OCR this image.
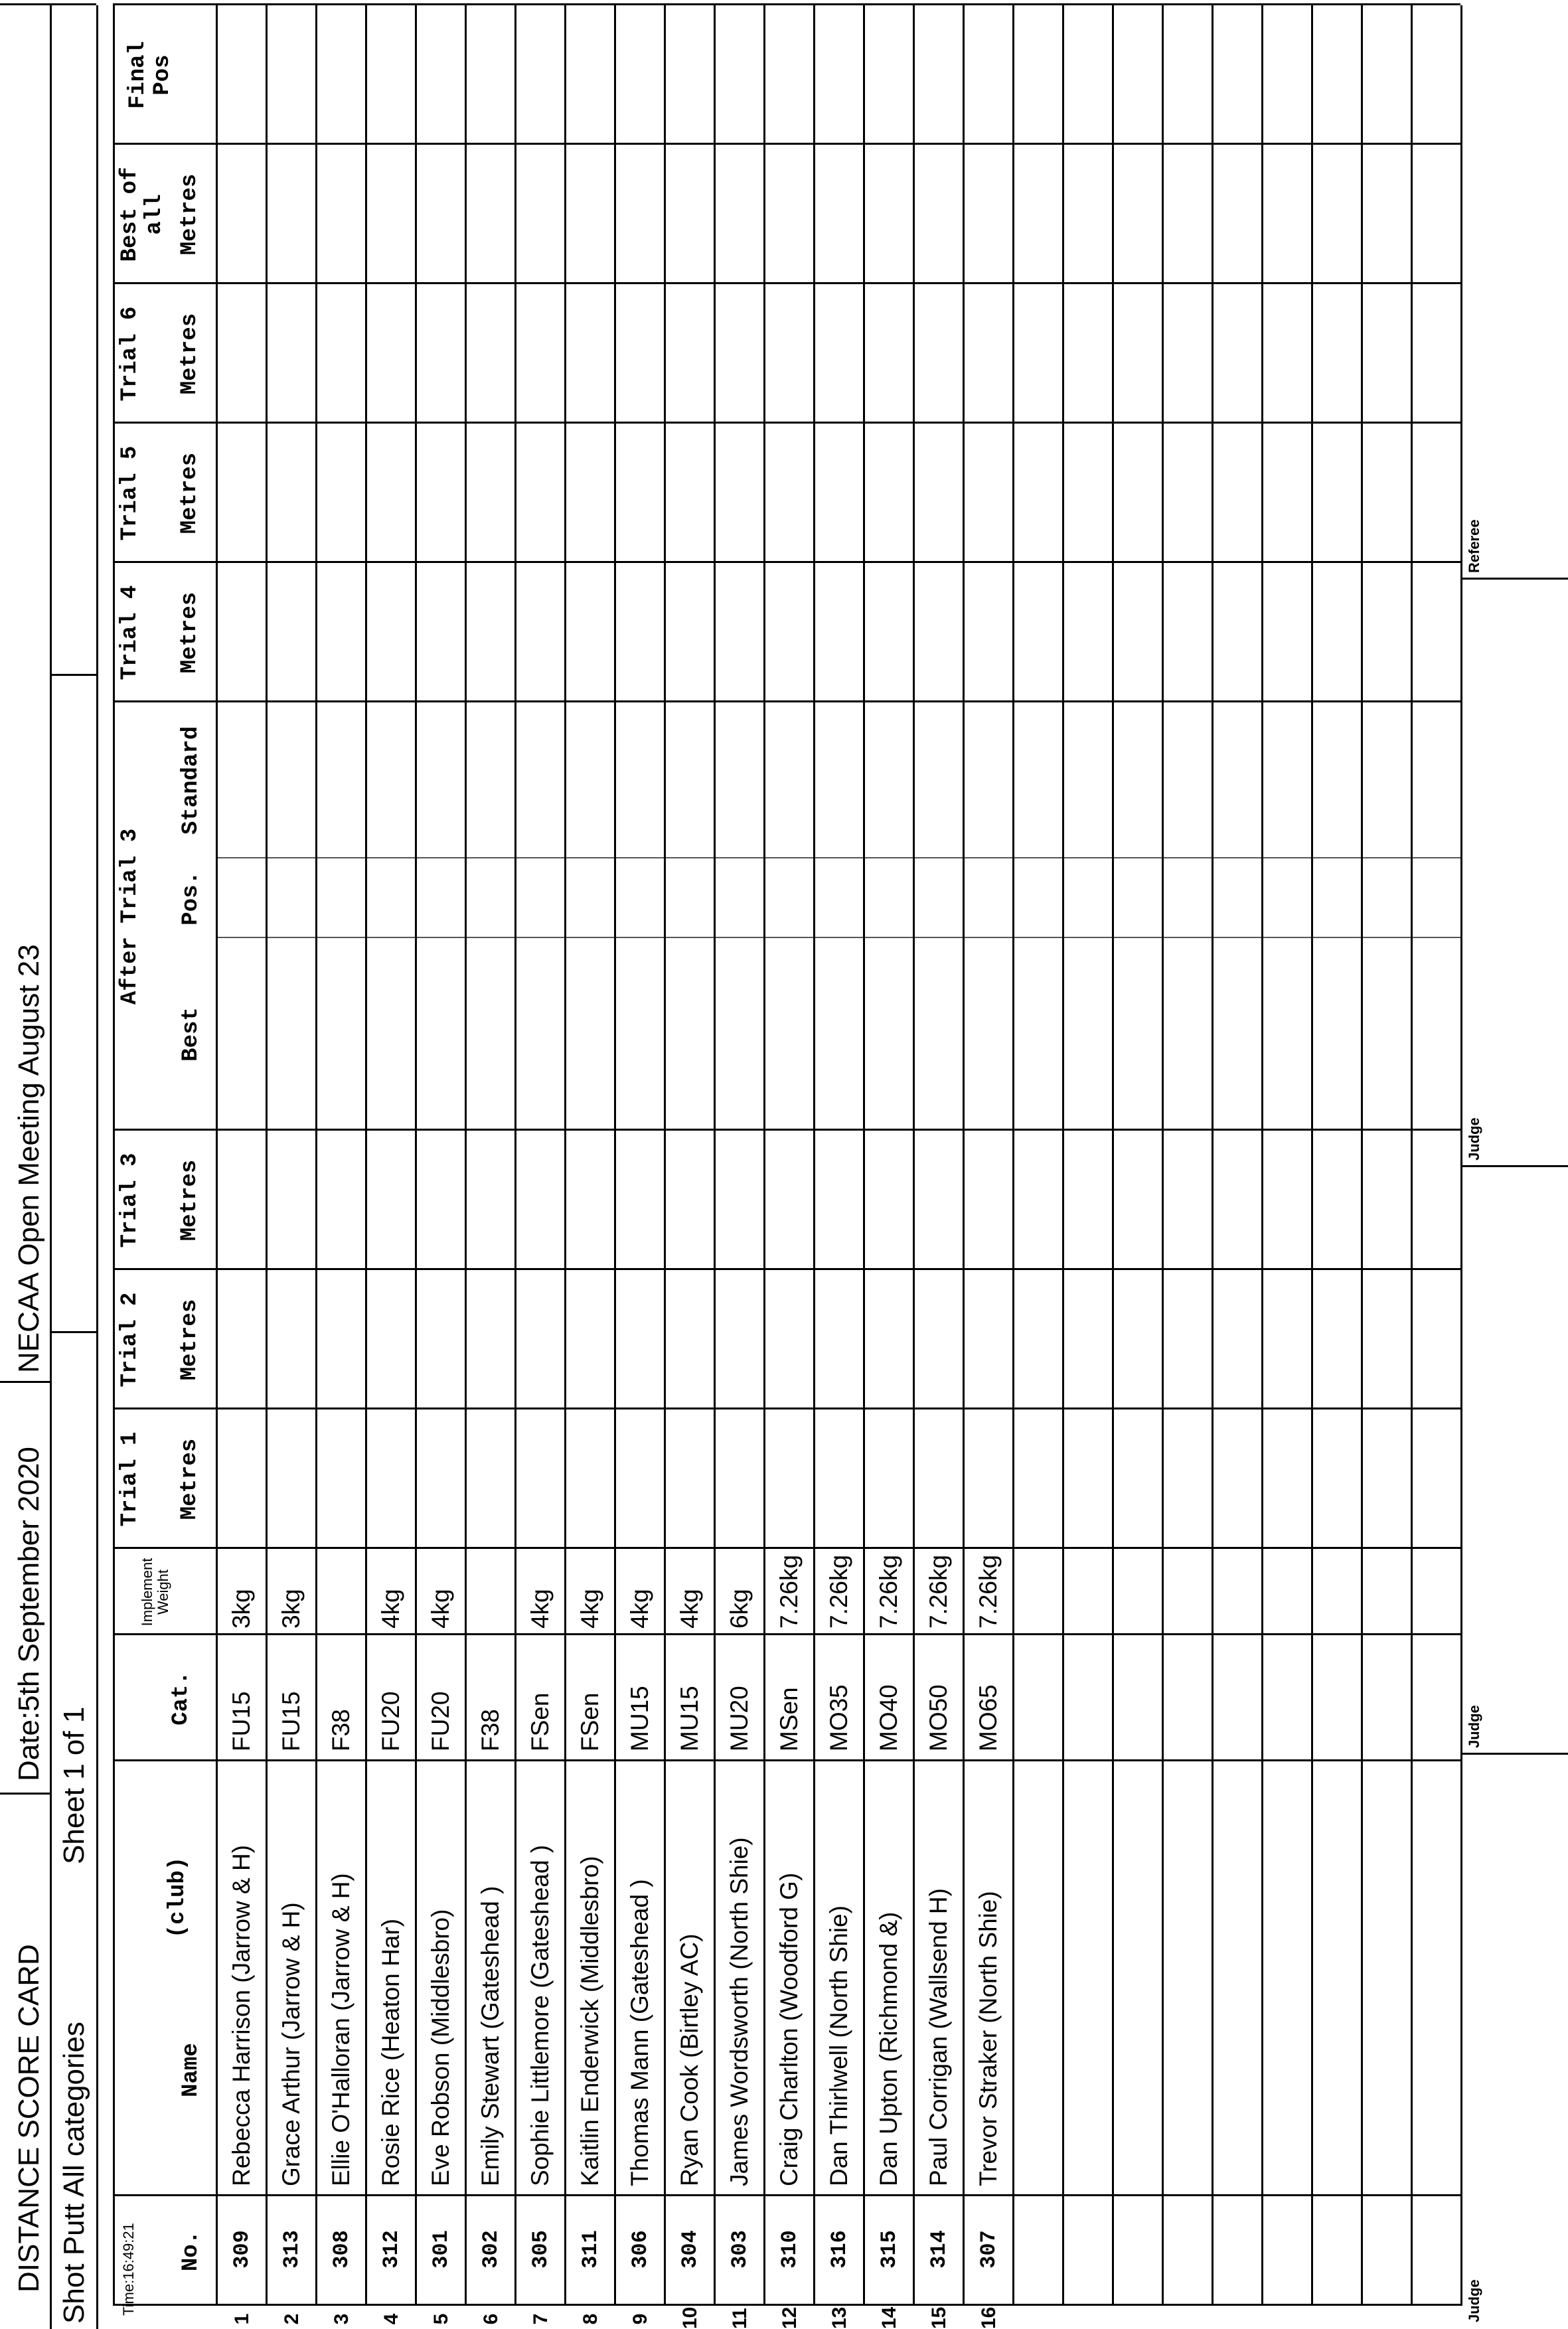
DISTANCE SCORE CARD
Date:5th September 2020
NECAA Open Meeting August 23
Shot Putt All categories
Sheet 1 of 1
Time:16:49:21 No.
Name
(club)
Cat.
Implement
Weight
Trial 1 Metres
Trial 2 Metres
Trial 3 Metres
After Trial 3
Best
Pos.
Standard
Trial 4 Metres
Trial 5 Metres
Trial 6 Metres
Best of
all Metres
Final
Pos
1
309
Rebecca Harrison (Jarrow & H)
FU15
3kg
2
313
Grace Arthur (Jarrow & H)
FU15
3kg
3
308
Ellie O'Halloran (Jarrow & H)
F38
4
312
Rosie Rice (Heaton Har)
FU20
4kg
5
301
Eve Robson (Middlesbro)
FU20
4kg
6
302
Emily Stewart (Gateshead )
F38
7
305
Sophie Littlemore (Gateshead )
FSen
4kg
8
311
Kaitlin Enderwick (Middlesbro)
FSen
4kg
9
306
Thomas Mann (Gateshead )
MU15
4kg
10
304
Ryan Cook (Birtley AC)
MU15
4kg
11
303
James Wordsworth (North Shie)
MU20
6kg
12
310
Craig Charlton (Woodford G)
MSen
7.26kg
13
316
Dan Thirlwell (North Shie)
MO35
7.26kg
14
315
Dan Upton (Richmond &)
MO40
7.26kg
15
314
Paul Corrigan (Wallsend H)
MO50
7.26kg
16
307
Trevor Straker (North Shie)
MO65
7.26kg
Judge
Judge
Judge
Referee
